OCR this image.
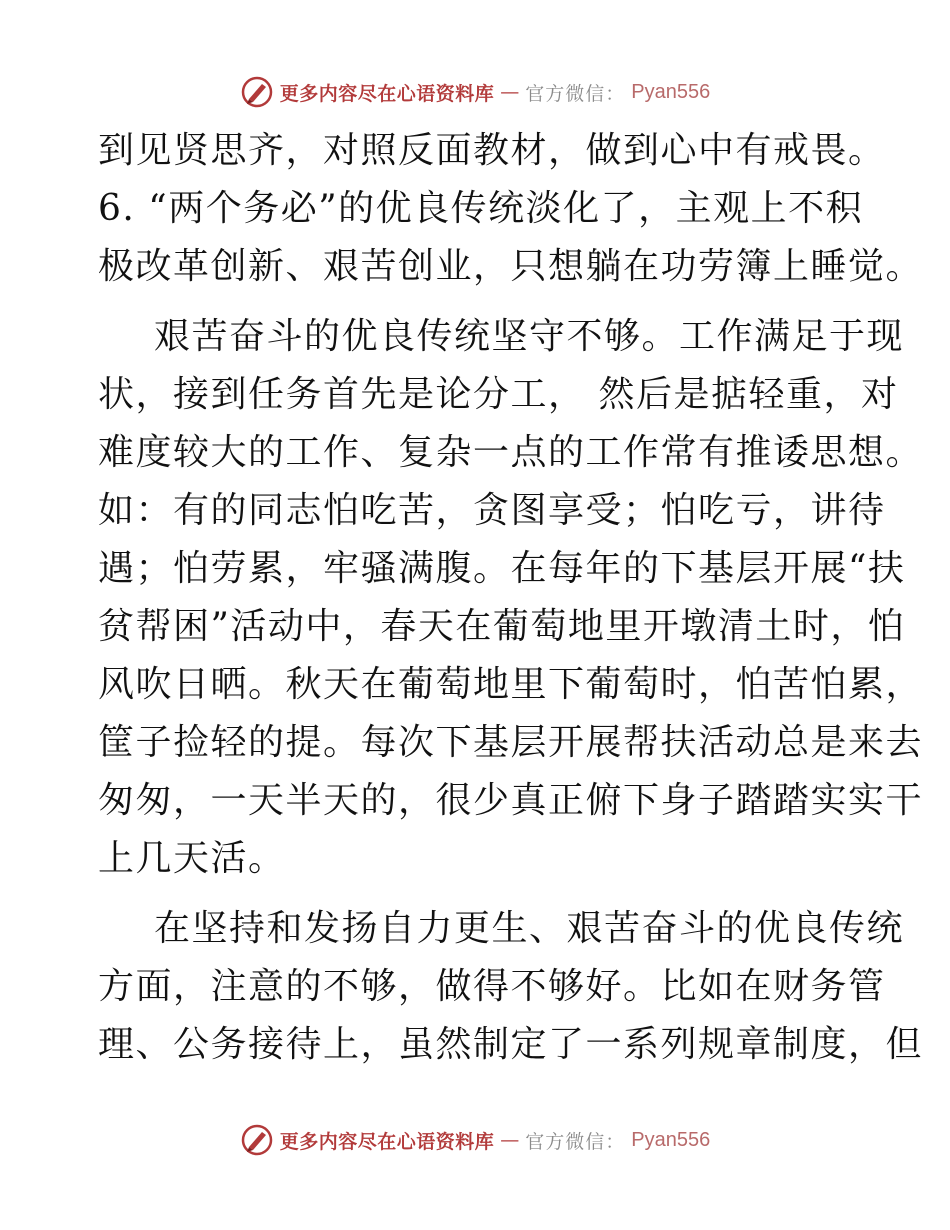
更多内容尽在心语资料库 — 官方微信： Pyan556
到见贤思齐，对照反面教材，做到心中有戒畏。
6. “两个务必”的优良传统淡化了，主观上不积
极改革创新、艰苦创业，只想躺在功劳簿上睡觉。
艰苦奋斗的优良传统坚守不够。工作满足于现
状，接到任务首先是论分工， 然后是掂轻重，对
难度较大的工作、复杂一点的工作常有推诿思想。
如：有的同志怕吃苦，贪图享受；怕吃亏，讲待
遇；怕劳累，牢骚满腹。在每年的下基层开展“扶
贫帮困”活动中，春天在葡萄地里开墩清土时，怕
风吹日晒。秋天在葡萄地里下葡萄时，怕苦怕累，
筐子捡轻的提。每次下基层开展帮扶活动总是来去
匆匆，一天半天的，很少真正俯下身子踏踏实实干
上几天活。
在坚持和发扬自力更生、艰苦奋斗的优良传统
方面，注意的不够，做得不够好。比如在财务管
理、公务接待上，虽然制定了一系列规章制度，但
更多内容尽在心语资料库 — 官方微信： Pyan556
